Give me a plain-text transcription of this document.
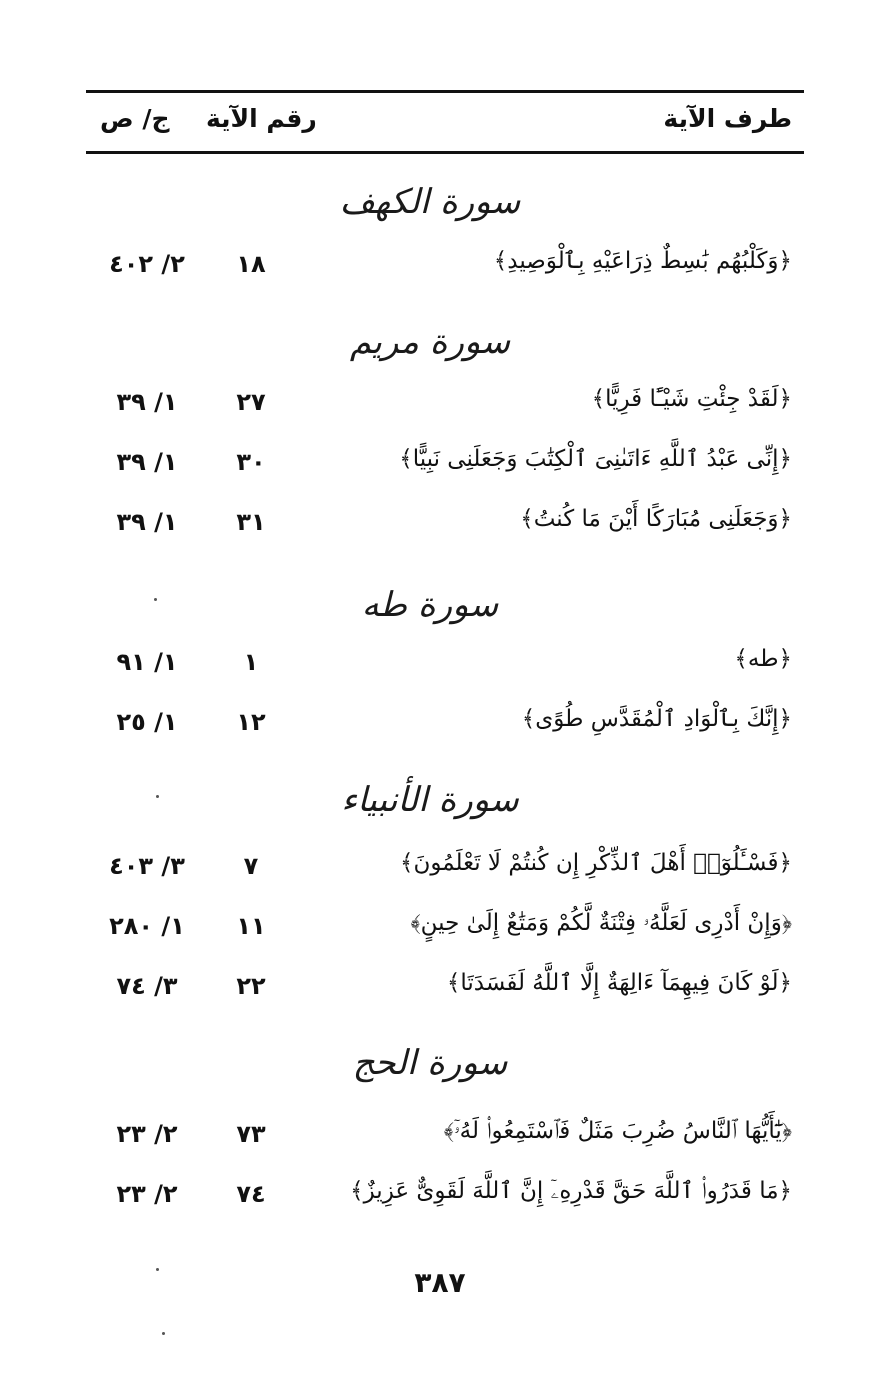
طرف الآية
رقم الآية
ج/ ص
سورة الكهف
﴿وَكَلْبُهُم بَٰسِطٌ ذِرَاعَيْهِ بِٱلْوَصِيدِ﴾
١٨
٢/ ٤٠٢
سورة مريم
﴿لَقَدْ جِئْتِ شَيْـًٔا فَرِيًّا﴾
٢٧
١/ ٣٩
﴿إِنِّى عَبْدُ ٱللَّهِ ءَاتَىٰنِىَ ٱلْكِتَٰبَ وَجَعَلَنِى نَبِيًّا﴾
٣٠
١/ ٣٩
﴿وَجَعَلَنِى مُبَارَكًا أَيْنَ مَا كُنتُ﴾
٣١
١/ ٣٩
سورة طه
﴿طه﴾
١
١/ ٩١
﴿إِنَّكَ بِٱلْوَادِ ٱلْمُقَدَّسِ طُوًى﴾
١٢
١/ ٢٥
سورة الأنبياء
﴿فَسْـَٔلُوٓا۟ أَهْلَ ٱلذِّكْرِ إِن كُنتُمْ لَا تَعْلَمُونَ﴾
٧
٣/ ٤٠٣
﴿وَإِنْ أَدْرِى لَعَلَّهُۥ فِتْنَةٌ لَّكُمْ وَمَتَٰعٌ إِلَىٰ حِينٍ﴾
١١
١/ ٢٨٠
﴿لَوْ كَانَ فِيهِمَآ ءَالِهَةٌ إِلَّا ٱللَّهُ لَفَسَدَتَا﴾
٢٢
٣/ ٧٤
سورة الحج
﴿يَٰٓأَيُّهَا ٱلنَّاسُ ضُرِبَ مَثَلٌ فَٱسْتَمِعُوا۟ لَهُۥٓ﴾
٧٣
٢/ ٢٣
﴿مَا قَدَرُوا۟ ٱللَّهَ حَقَّ قَدْرِهِۦٓ إِنَّ ٱللَّهَ لَقَوِىٌّ عَزِيزٌ﴾
٧٤
٢/ ٢٣
٣٨٧
